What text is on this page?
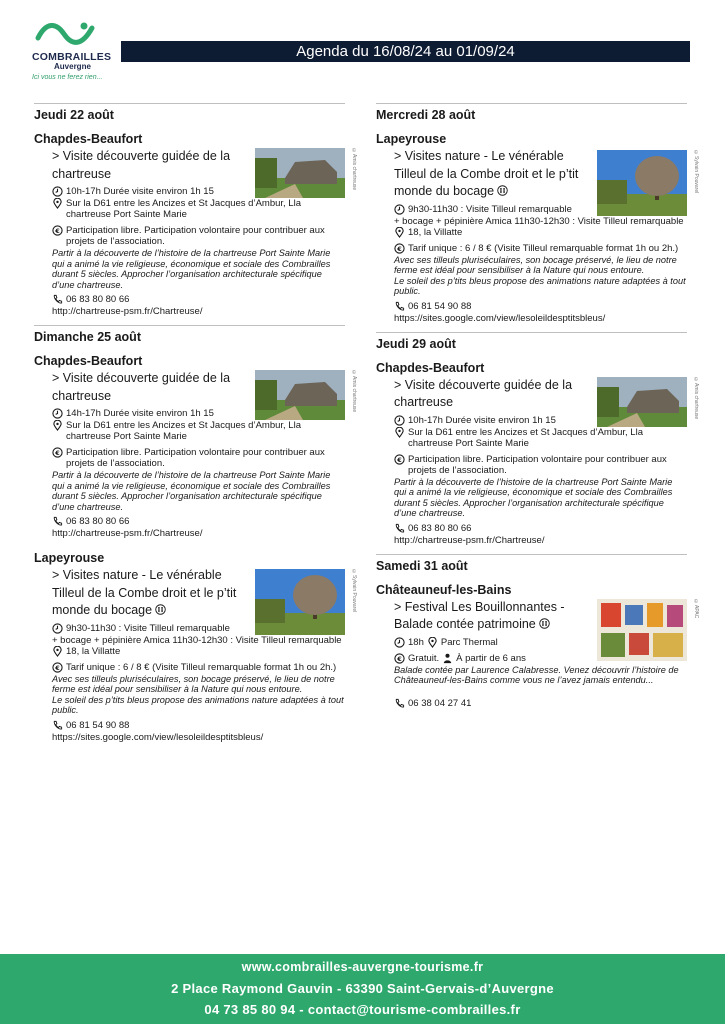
COMBRAILLES
Auvergne
Ici vous ne ferez rien...
Agenda du 16/08/24 au 01/09/24
Jeudi 22 août
Chapdes-Beaufort
©Amis chartreuse
> Visite découverte guidée de la chartreuse
10h-17h Durée visite environ 1h 15
Sur la D61 entre les Ancizes et St Jacques d’Ambur, Lla chartreuse Port Sainte Marie
€ Participation libre. Participation volontaire pour contribuer aux projets de l’association.
Partir à la découverte de l’histoire de la chartreuse Port Sainte Marie qui a animé la vie religieuse, économique et sociale des Combrailles durant 5 siècles. Approcher l’organisation architecturale spécifique d’une chartreuse.
06 83 80 80 66
http://chartreuse-psm.fr/Chartreuse/
Dimanche 25 août
Chapdes-Beaufort
©Amis chartreuse
> Visite découverte guidée de la chartreuse
14h-17h Durée visite environ 1h 15
Sur la D61 entre les Ancizes et St Jacques d’Ambur, Lla chartreuse Port Sainte Marie
€ Participation libre. Participation volontaire pour contribuer aux projets de l’association.
Partir à la découverte de l’histoire de la chartreuse Port Sainte Marie qui a animé la vie religieuse, économique et sociale des Combrailles durant 5 siècles. Approcher l’organisation architecturale spécifique d’une chartreuse.
06 83 80 80 66
http://chartreuse-psm.fr/Chartreuse/
Lapeyrouse
©Sylvain Pouvarel
> Visites nature - Le vénérable Tilleul de la Combe droit et le p’tit monde du bocage
9h30-11h30 : Visite Tilleul remarquable
+ bocage + pépinière Amica 11h30-12h30 : Visite Tilleul remarquable
18, la Villatte
€ Tarif unique : 6 / 8 € (Visite Tilleul remarquable format 1h ou 2h.)
Avec ses tilleuls pluriséculaires, son bocage préservé, le lieu de notre ferme est idéal pour sensibiliser à la Nature qui nous entoure.
Le soleil des p’tits bleus propose des animations nature adaptées à tout public.
06 81 54 90 88
https://sites.google.com/view/lesoleildesptitsbleus/
Mercredi 28 août
Lapeyrouse
©Sylvain Pouvarel
> Visites nature - Le vénérable Tilleul de la Combe droit et le p’tit monde du bocage
9h30-11h30 : Visite Tilleul remarquable
+ bocage + pépinière Amica 11h30-12h30 : Visite Tilleul remarquable
18, la Villatte
€ Tarif unique : 6 / 8 € (Visite Tilleul remarquable format 1h ou 2h.)
Avec ses tilleuls pluriséculaires, son bocage préservé, le lieu de notre ferme est idéal pour sensibiliser à la Nature qui nous entoure.
Le soleil des p’tits bleus propose des animations nature adaptées à tout public.
06 81 54 90 88
https://sites.google.com/view/lesoleildesptitsbleus/
Jeudi 29 août
Chapdes-Beaufort
©Amis chartreuse
> Visite découverte guidée de la chartreuse
10h-17h Durée visite environ 1h 15
Sur la D61 entre les Ancizes et St Jacques d’Ambur, Lla chartreuse Port Sainte Marie
€ Participation libre. Participation volontaire pour contribuer aux projets de l’association.
Partir à la découverte de l’histoire de la chartreuse Port Sainte Marie qui a animé la vie religieuse, économique et sociale des Combrailles durant 5 siècles. Approcher l’organisation architecturale spécifique d’une chartreuse.
06 83 80 80 66
http://chartreuse-psm.fr/Chartreuse/
Samedi 31 août
Châteauneuf-les-Bains
©APAC
> Festival Les Bouillonnantes - Balade contée patrimoine
18h Parc Thermal
€ Gratuit. À partir de 6 ans
Balade contée par Laurence Calabresse. Venez découvrir l’histoire de Châteauneuf-les-Bains comme vous ne l’avez jamais entendu...
06 38 04 27 41
www.combrailles-auvergne-tourisme.fr
2 Place Raymond Gauvin - 63390 Saint-Gervais-d’Auvergne
04 73 85 80 94 - contact@tourisme-combrailles.fr
